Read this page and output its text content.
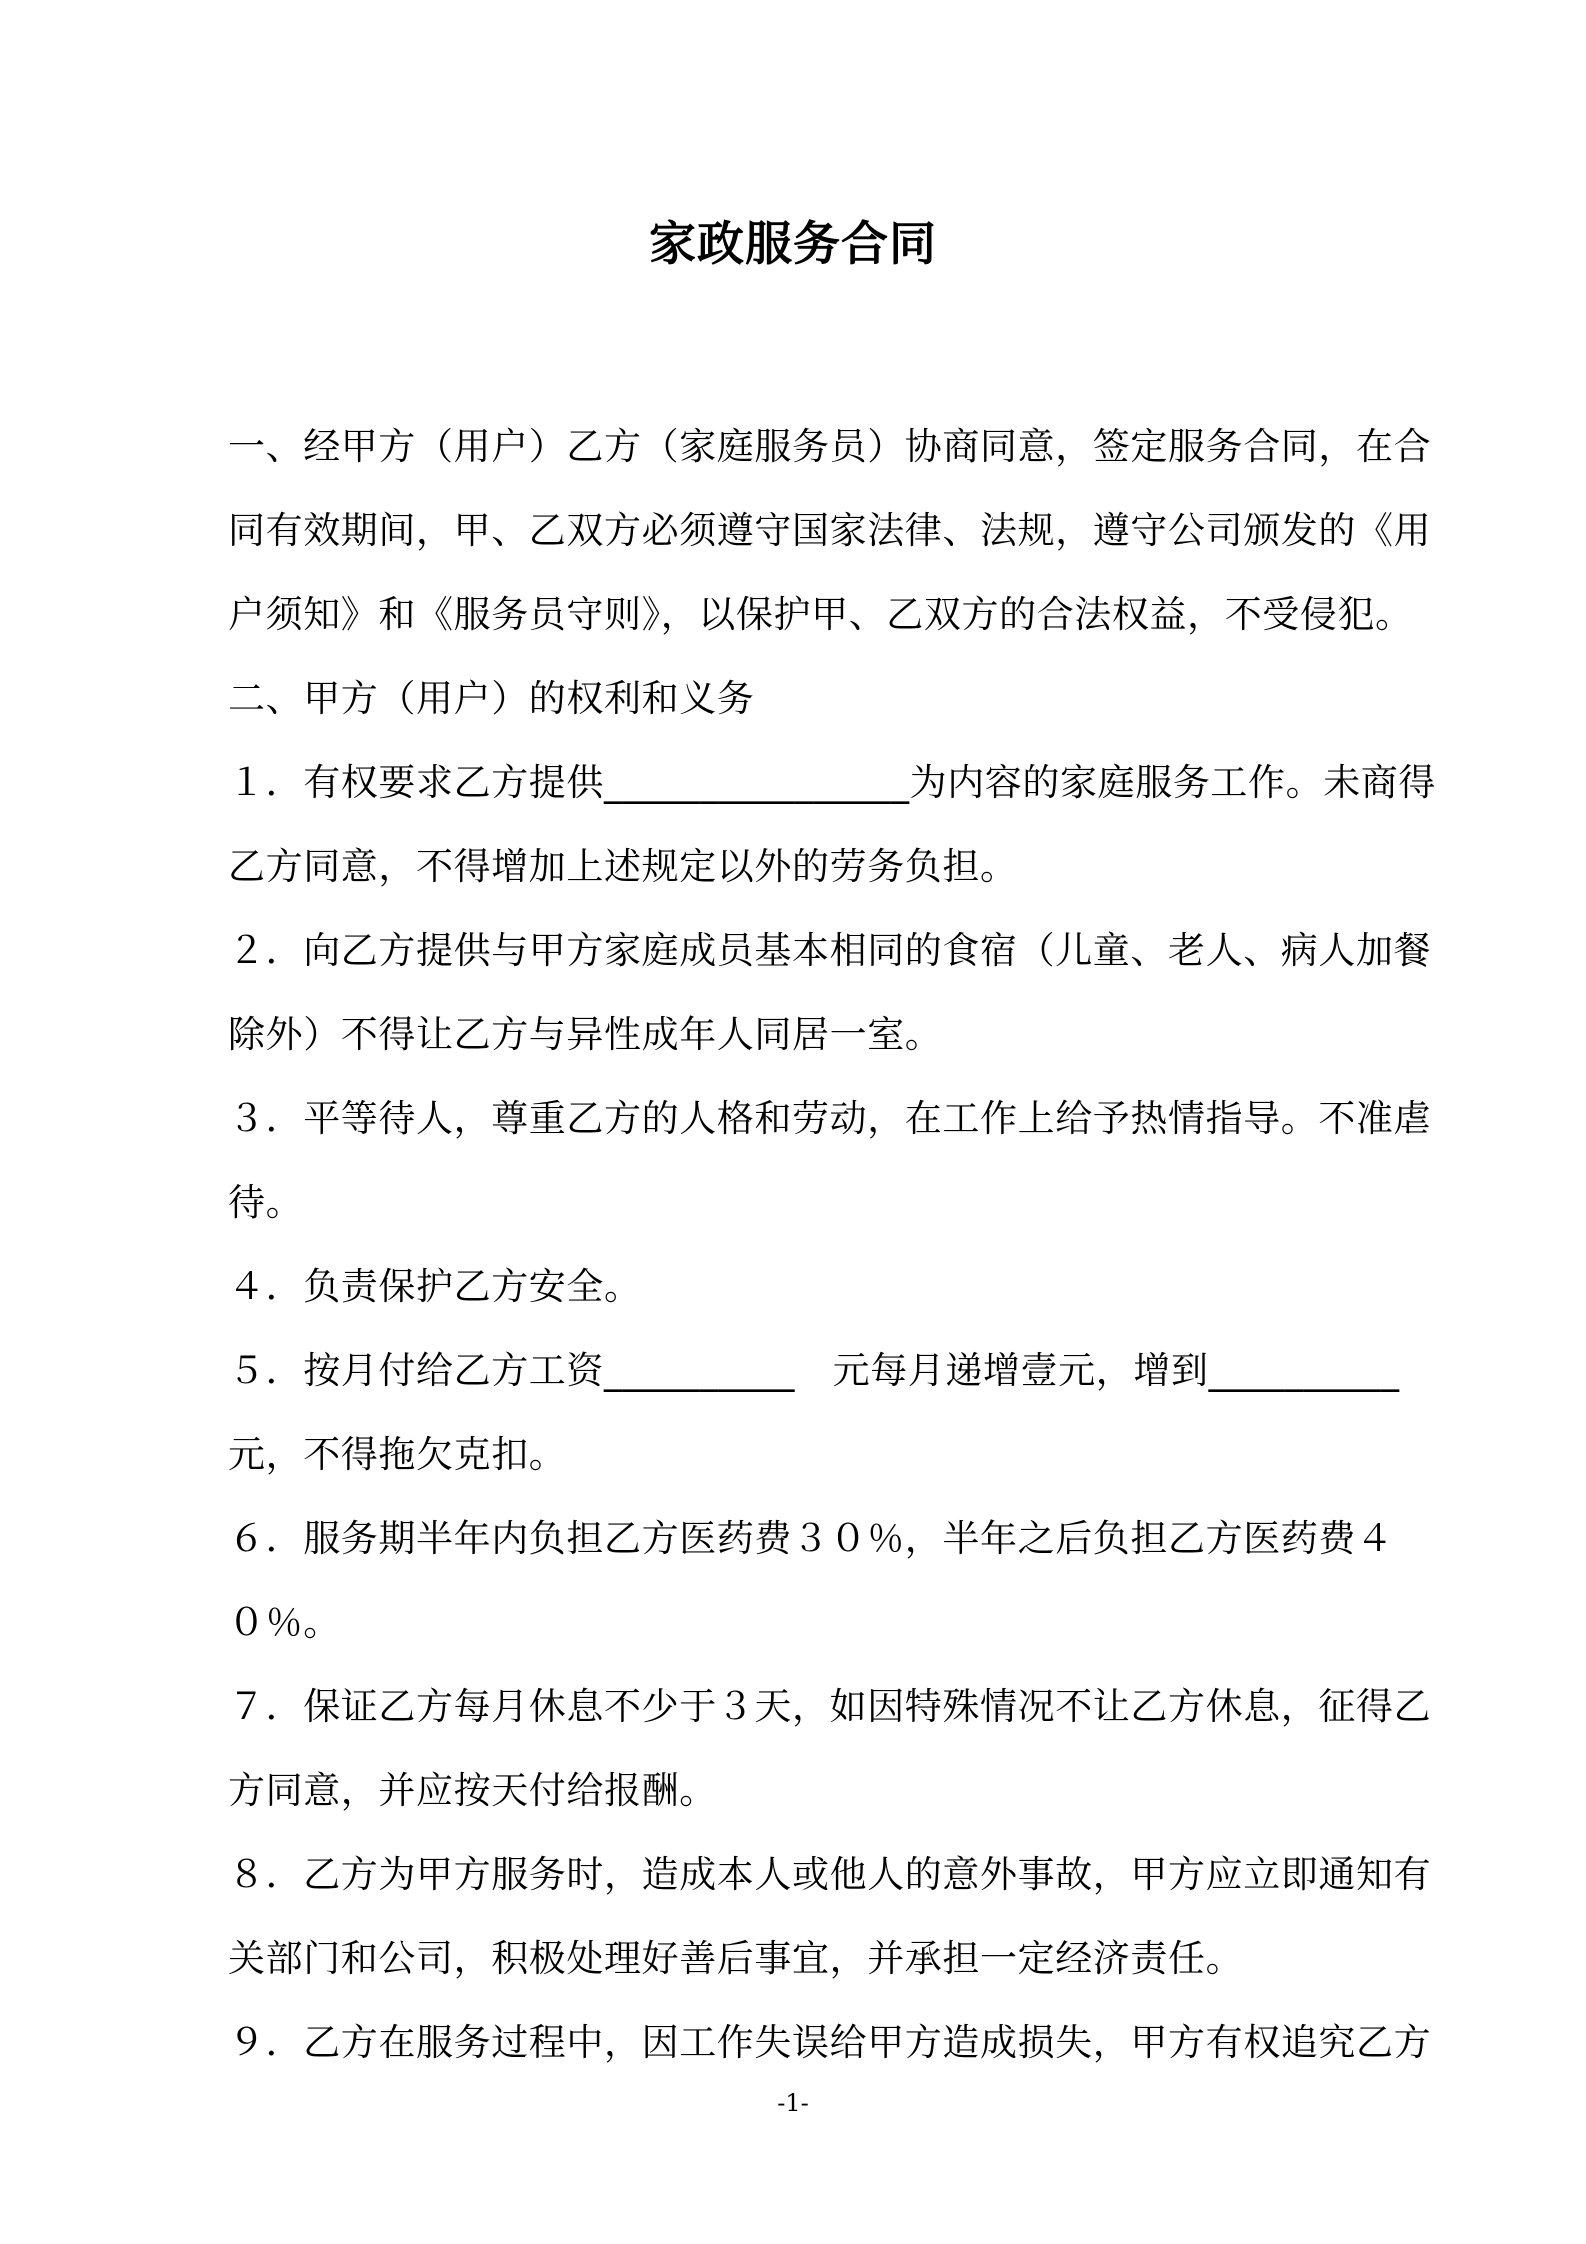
家政服务合同
一、经甲方（用户）乙方（家庭服务员）协商同意，签定服务合同，在合
同有效期间，甲、乙双方必须遵守国家法律、法规，遵守公司颁发的《用
户须知》和《服务员守则》，以保护甲、乙双方的合法权益，不受侵犯。
二、甲方（用户）的权利和义务
１．有权要求乙方提供________________为内容的家庭服务工作。未商得
乙方同意，不得增加上述规定以外的劳务负担。
２．向乙方提供与甲方家庭成员基本相同的食宿（儿童、老人、病人加餐
除外）不得让乙方与异性成年人同居一室。
３．平等待人，尊重乙方的人格和劳动，在工作上给予热情指导。不准虐
待。
４．负责保护乙方安全。
５．按月付给乙方工资__________　元每月递增壹元，增到__________
元，不得拖欠克扣。
６．服务期半年内负担乙方医药费３０％，半年之后负担乙方医药费４
０％。
７．保证乙方每月休息不少于３天，如因特殊情况不让乙方休息，征得乙
方同意，并应按天付给报酬。
８．乙方为甲方服务时，造成本人或他人的意外事故，甲方应立即通知有
关部门和公司，积极处理好善后事宜，并承担一定经济责任。
９．乙方在服务过程中，因工作失误给甲方造成损失，甲方有权追究乙方
-1-
